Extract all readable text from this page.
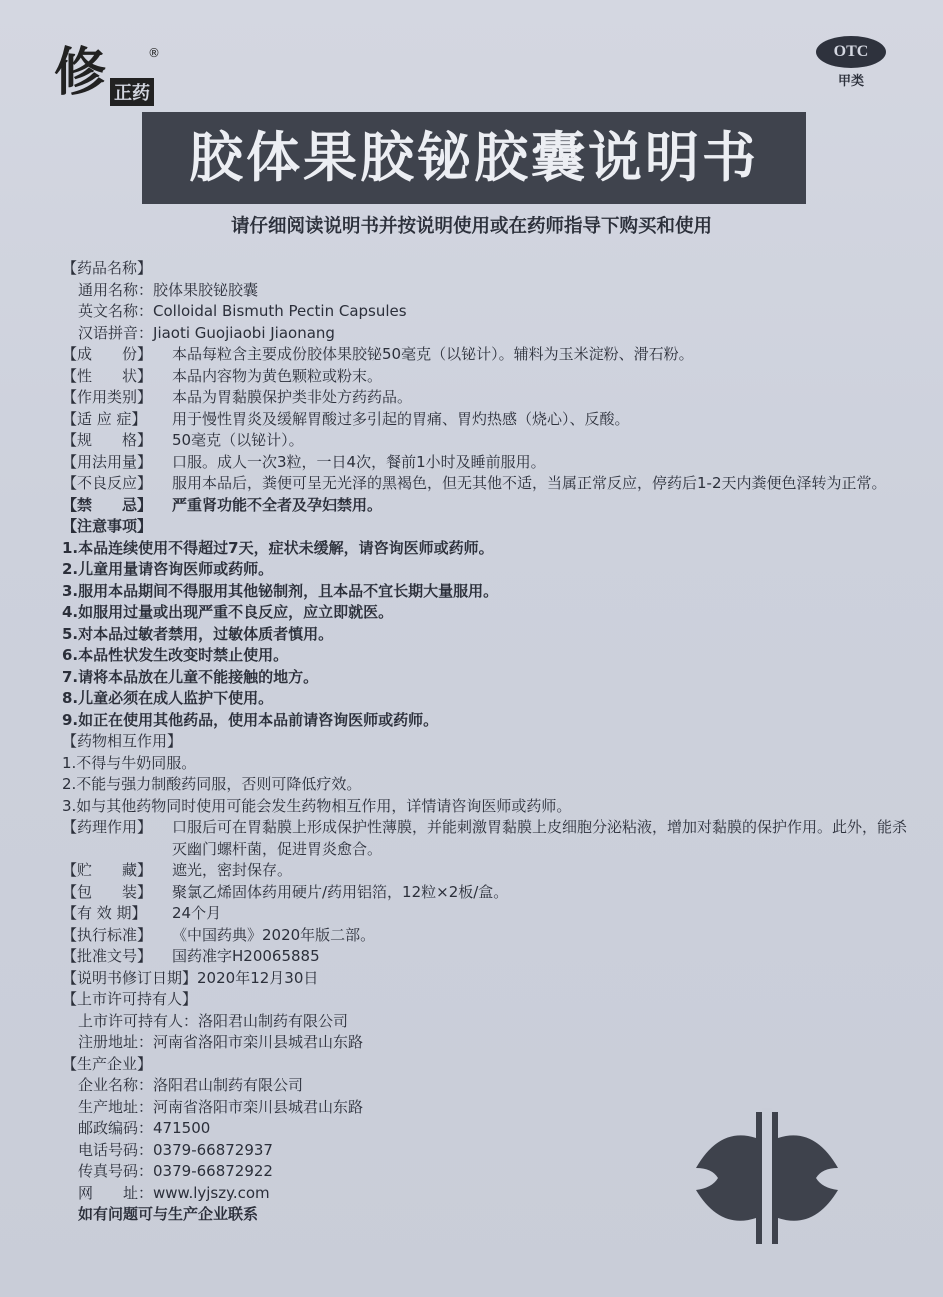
修 正药
®	OTC
甲类
胶体果胶铋胶囊说明书
请仔细阅读说明书并按说明使用或在药师指导下购买和使用
【药品名称】
通用名称： 胶体果胶铋胶囊
英文名称： Colloidal Bismuth Pectin Capsules
汉语拼音： Jiaoti Guojiaobi Jiaonang
【成　　份】	本品每粒含主要成份胶体果胶铋50毫克（以铋计）。辅料为玉米淀粉、滑石粉。
【性　　状】	本品内容物为黄色颗粒或粉末。
【作用类别】	本品为胃黏膜保护类非处方药药品。
【适 应 症】	用于慢性胃炎及缓解胃酸过多引起的胃痛、胃灼热感（烧心）、反酸。
【规　　格】	50毫克（以铋计）。
【用法用量】	口服。成人一次3粒，一日4次，餐前1小时及睡前服用。
【不良反应】	服用本品后，粪便可呈无光泽的黑褐色，但无其他不适，当属正常反应，停药后1-2天内粪便色泽转为正常。
【禁　　忌】	严重肾功能不全者及孕妇禁用。
【注意事项】
1.本品连续使用不得超过7天，症状未缓解，请咨询医师或药师。
2.儿童用量请咨询医师或药师。
3.服用本品期间不得服用其他铋制剂，且本品不宜长期大量服用。
4.如服用过量或出现严重不良反应，应立即就医。
5.对本品过敏者禁用，过敏体质者慎用。
6.本品性状发生改变时禁止使用。
7.请将本品放在儿童不能接触的地方。
8.儿童必须在成人监护下使用。
9.如正在使用其他药品，使用本品前请咨询医师或药师。
【药物相互作用】
1.不得与牛奶同服。
2.不能与强力制酸药同服，否则可降低疗效。
3.如与其他药物同时使用可能会发生药物相互作用，详情请咨询医师或药师。
【药理作用】	口服后可在胃黏膜上形成保护性薄膜，并能刺激胃黏膜上皮细胞分泌粘液，增加对黏膜的保护作用。此外，能杀灭幽门螺杆菌，促进胃炎愈合。
【贮　　藏】	遮光，密封保存。
【包　　装】	聚氯乙烯固体药用硬片/药用铝箔，12粒×2板/盒。
【有 效 期】	24个月
【执行标准】	《中国药典》2020年版二部。
【批准文号】	国药准字H20065885
【说明书修订日期】 2020年12月30日
【上市许可持有人】
上市许可持有人： 洛阳君山制药有限公司
注册地址： 河南省洛阳市栾川县城君山东路
【生产企业】
企业名称： 洛阳君山制药有限公司
生产地址： 河南省洛阳市栾川县城君山东路
邮政编码： 471500
电话号码： 0379-66872937
传真号码： 0379-66872922
网　　址： www.lyjszy.com
如有问题可与生产企业联系
